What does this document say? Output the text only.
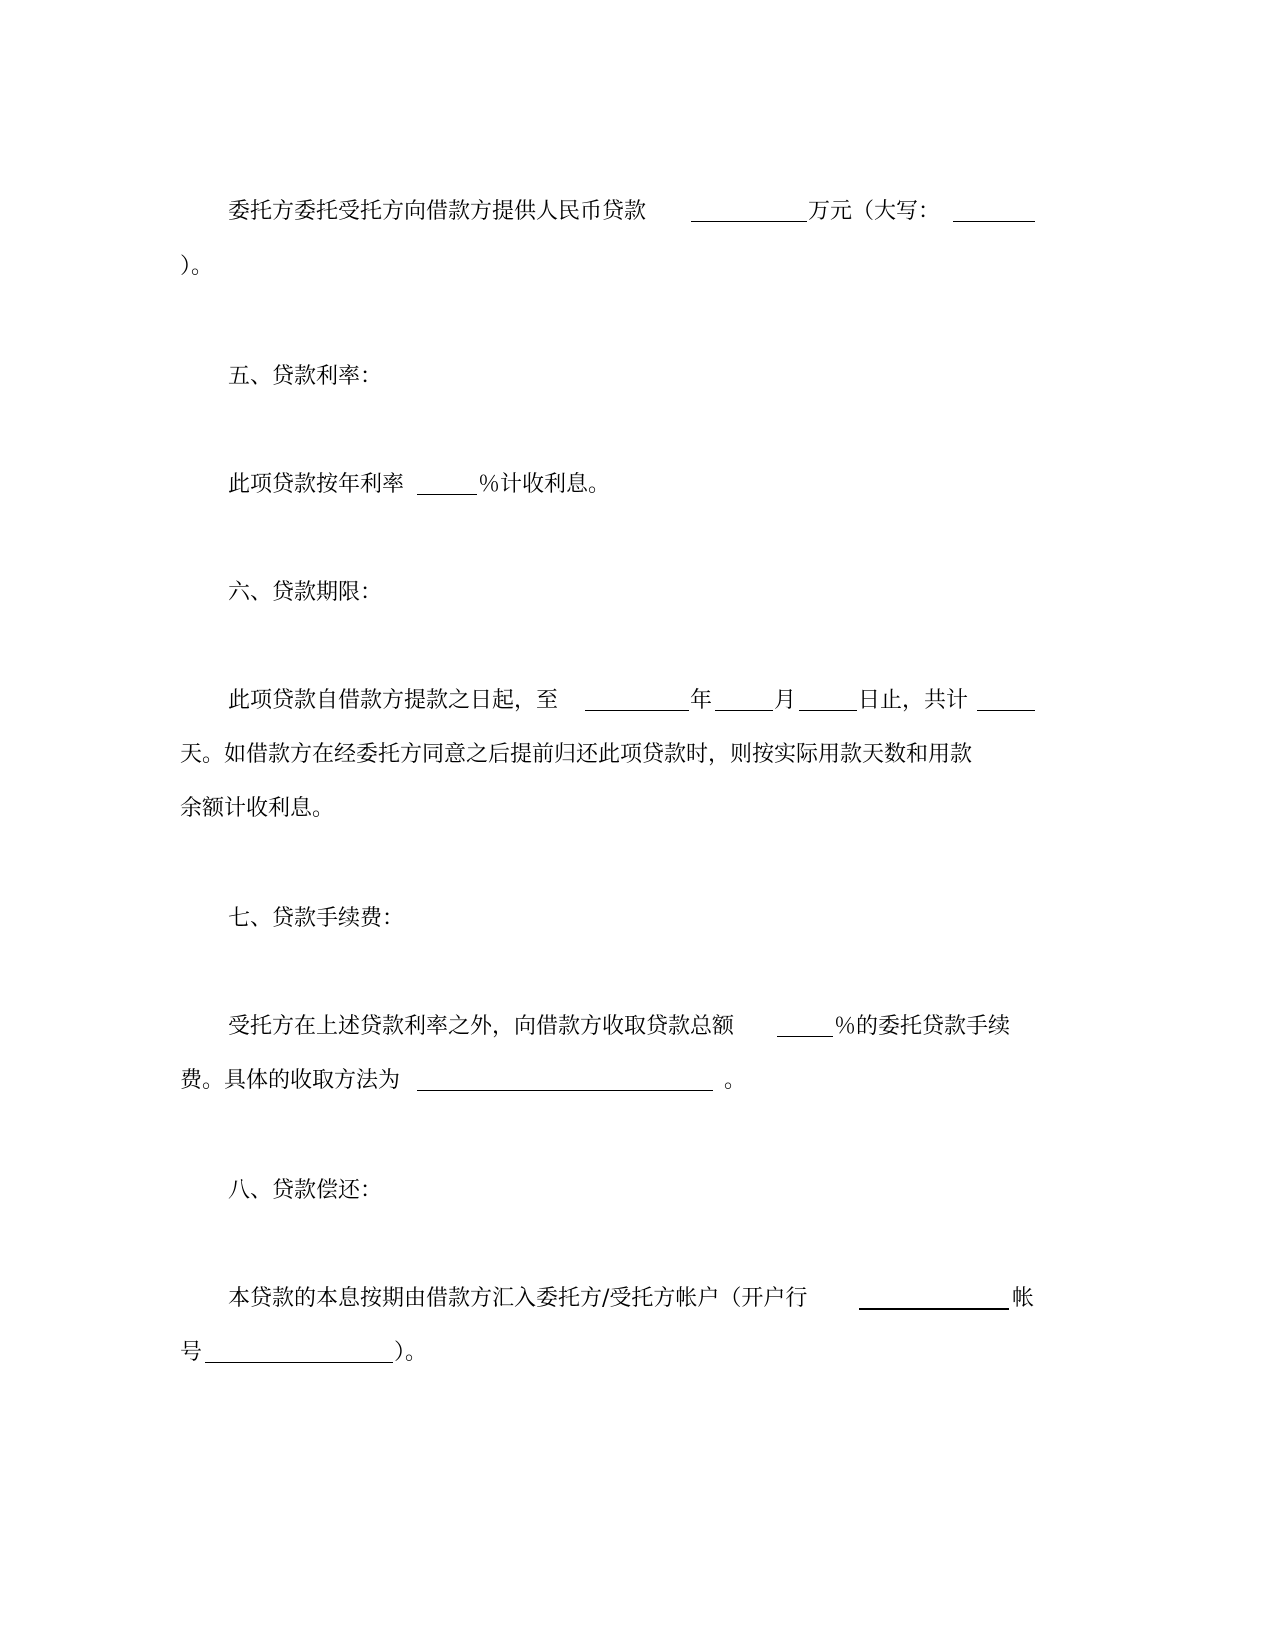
委托方委托受托方向借款方提供人民币贷款	万元（大写：
）。
五、贷款利率：
此项贷款按年利率	％计收利息。
六、贷款期限：
此项贷款自借款方提款之日起，至	年	月	日止，共计
天。如借款方在经委托方同意之后提前归还此项贷款时，则按实际用款天数和用款
余额计收利息。
七、贷款手续费：
受托方在上述贷款利率之外，向借款方收取贷款总额	％的委托贷款手续
费。具体的收取方法为	。
八、贷款偿还：
本贷款的本息按期由借款方汇入委托方/受托方帐户（开户行	帐
号	）。
